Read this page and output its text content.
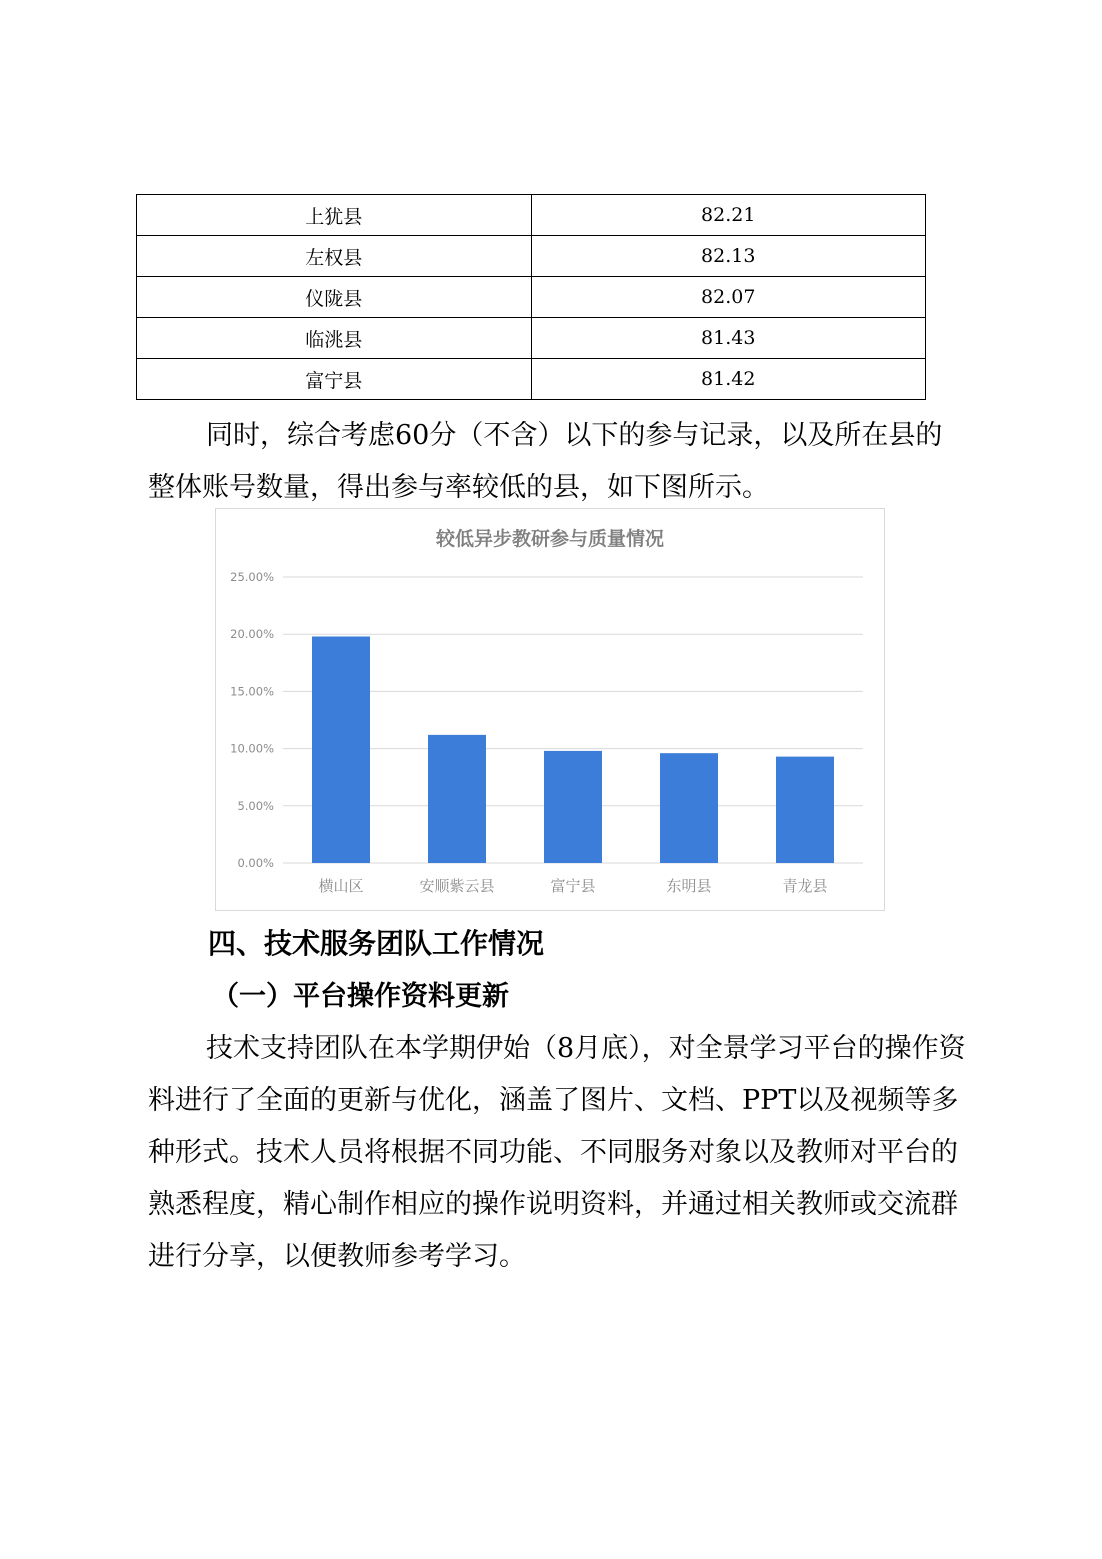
上犹县	82.21
左权县	82.13
仪陇县	82.07
临洮县	81.43
富宁县	81.42

同时，综合考虑60分（不含）以下的参与记录，以及所在县的整体账号数量，得出参与率较低的县，如下图所示。

较低异步教研参与质量情况
0.00%
5.00%
10.00%
15.00%
20.00%
25.00%
横山区	安顺紫云县	富宁县	东明县	青龙县
四、技术服务团队工作情况
（一）平台操作资料更新

技术支持团队在本学期伊始（8月底），对全景学习平台的操作资料进行了全面的更新与优化，涵盖了图片、文档、PPT以及视频等多种形式。技术人员将根据不同功能、不同服务对象以及教师对平台的熟悉程度，精心制作相应的操作说明资料，并通过相关教师或交流群进行分享，以便教师参考学习。
